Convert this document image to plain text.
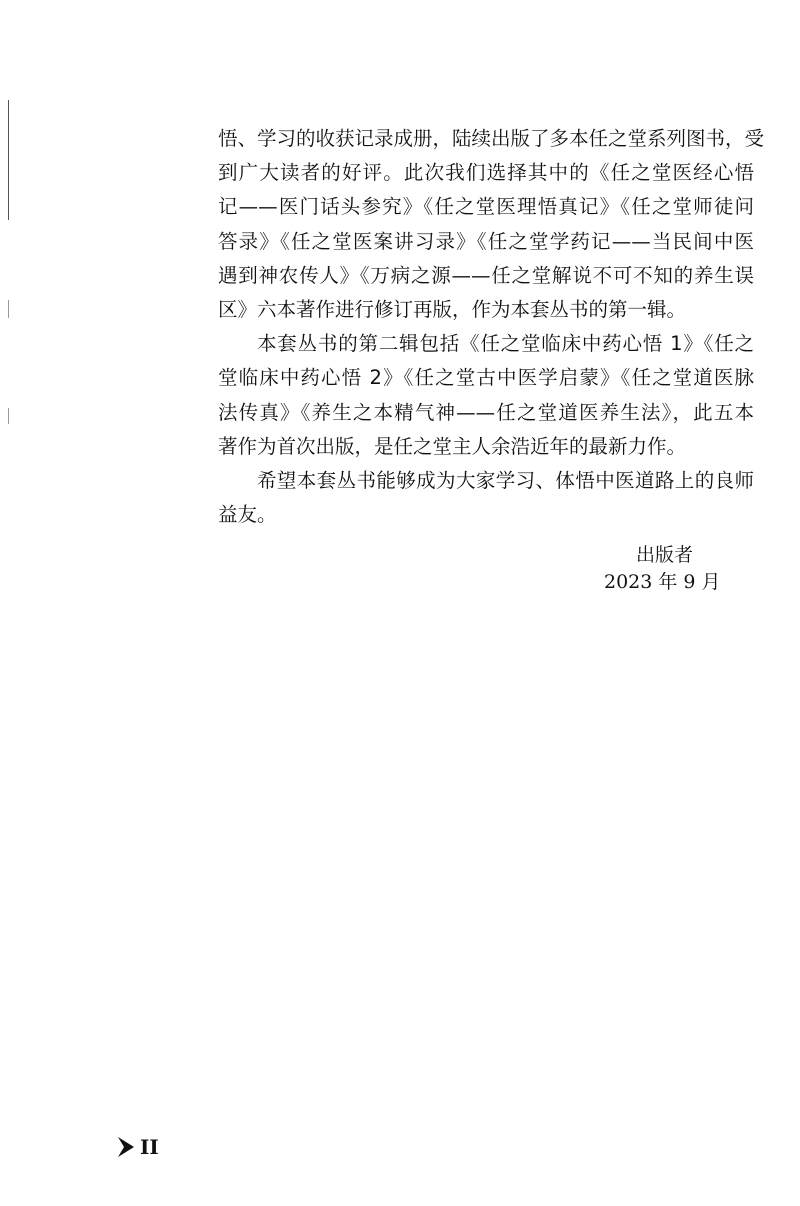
悟、学习的收获记录成册，陆续出版了多本任之堂系列图书，受
到广大读者的好评。此次我们选择其中的《任之堂医经心悟
记——医门话头参究》《任之堂医理悟真记》《任之堂师徒问
答录》《任之堂医案讲习录》《任之堂学药记——当民间中医
遇到神农传人》《万病之源——任之堂解说不可不知的养生误
区》六本著作进行修订再版，作为本套丛书的第一辑。
本套丛书的第二辑包括《任之堂临床中药心悟 1》《任之
堂临床中药心悟 2》《任之堂古中医学启蒙》《任之堂道医脉
法传真》《养生之本精气神——任之堂道医养生法》，此五本
著作为首次出版，是任之堂主人余浩近年的最新力作。
希望本套丛书能够成为大家学习、体悟中医道路上的良师
益友。
出版者
2023 年 9 月
II
